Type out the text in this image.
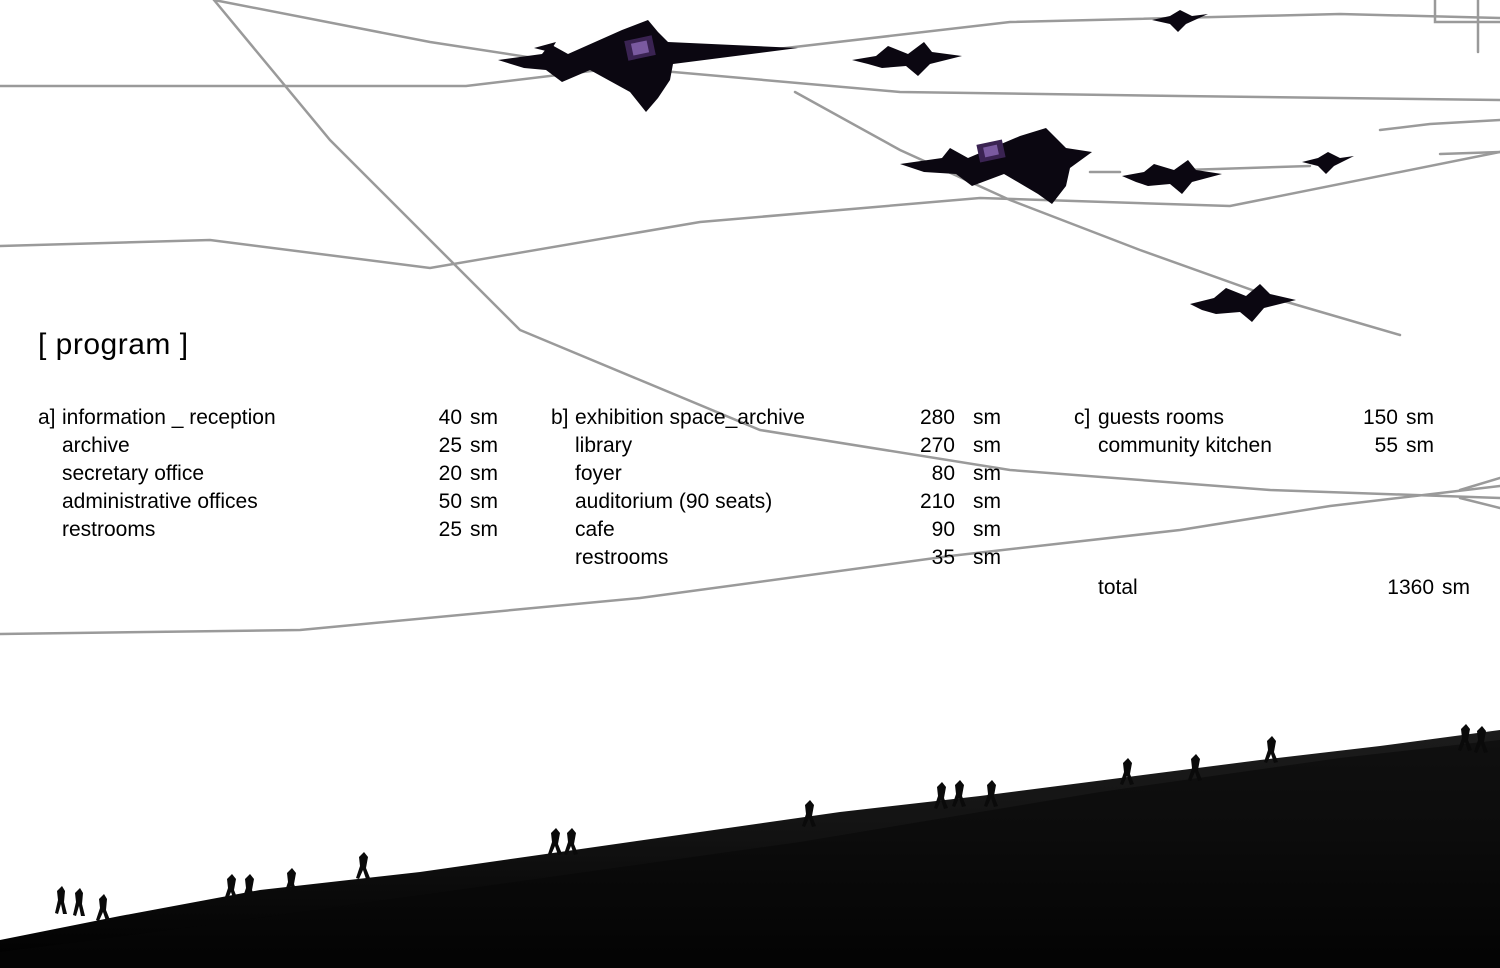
[ program ]
a] information _ reception	40 sm
archive	25 sm
secretary office	20 sm
administrative offices	50 sm
restrooms	25 sm
b] exhibition space_archive	280 sm
library	270 sm
foyer	80 sm
auditorium (90 seats)	210 sm
cafe	90 sm
restrooms	35 sm
c] guests rooms	150 sm
community kitchen	55 sm
total	1360 sm
